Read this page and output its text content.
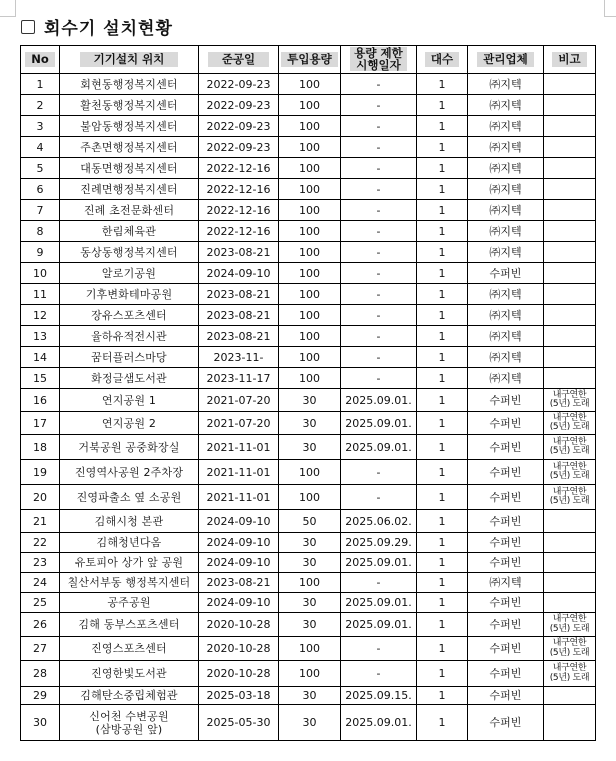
회수기 설치현황
No	기기설치 위치	준공일	투입용량	용량 제한
시행일자	대수	관리업체	비고
1	회현동행정복지센터	2022-09-23	100	-	1	㈜지텍	
2	활천동행정복지센터	2022-09-23	100	-	1	㈜지텍	
3	불암동행정복지센터	2022-09-23	100	-	1	㈜지텍	
4	주촌면행정복지센터	2022-09-23	100	-	1	㈜지텍	
5	대동면행정복지센터	2022-12-16	100	-	1	㈜지텍	
6	진례면행정복지센터	2022-12-16	100	-	1	㈜지텍	
7	진례 초전문화센터	2022-12-16	100	-	1	㈜지텍	
8	한림체육관	2022-12-16	100	-	1	㈜지텍	
9	동상동행정복지센터	2023-08-21	100	-	1	㈜지텍	
10	알로기공원	2024-09-10	100	-	1	수퍼빈	
11	기후변화테마공원	2023-08-21	100	-	1	㈜지텍	
12	장유스포츠센터	2023-08-21	100	-	1	㈜지텍	
13	율하유적전시관	2023-08-21	100	-	1	㈜지텍	
14	꿈터플러스마당	2023-11-	100	-	1	㈜지텍	
15	화정글샘도서관	2023-11-17	100	-	1	㈜지텍	
16	연지공원 1	2021-07-20	30	2025.09.01.	1	수퍼빈	내구연한
(5년) 도래
17	연지공원 2	2021-07-20	30	2025.09.01.	1	수퍼빈	내구연한
(5년) 도래
18	거북공원 공중화장실	2021-11-01	30	2025.09.01.	1	수퍼빈	내구연한
(5년) 도래
19	진영역사공원 2주차장	2021-11-01	100	-	1	수퍼빈	내구연한
(5년) 도래
20	진영파출소 옆 소공원	2021-11-01	100	-	1	수퍼빈	내구연한
(5년) 도래
21	김해시청 본관	2024-09-10	50	2025.06.02.	1	수퍼빈	
22	김해청년다옴	2024-09-10	30	2025.09.29.	1	수퍼빈	
23	유토피아 상가 앞 공원	2024-09-10	30	2025.09.01.	1	수퍼빈	
24	칠산서부동 행정복지센터	2023-08-21	100	-	1	㈜지텍	
25	공주공원	2024-09-10	30	2025.09.01.	1	수퍼빈	
26	김해 동부스포츠센터	2020-10-28	30	2025.09.01.	1	수퍼빈	내구연한
(5년) 도래
27	진영스포츠센터	2020-10-28	100	-	1	수퍼빈	내구연한
(5년) 도래
28	진영한빛도서관	2020-10-28	100	-	1	수퍼빈	내구연한
(5년) 도래
29	김해탄소중립체험관	2025-03-18	30	2025.09.15.	1	수퍼빈	
30	신어천 수변공원
(삼방공원 앞)	2025-05-30	30	2025.09.01.	1	수퍼빈	
